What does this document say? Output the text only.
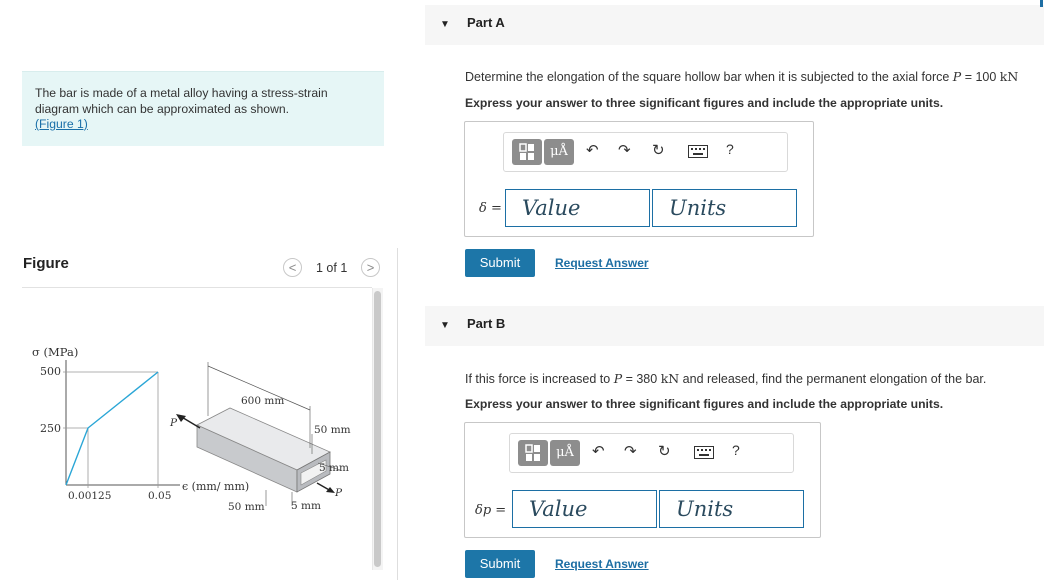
The bar is made of a metal alloy having a stress-strain diagram which can be approximated as shown.
(Figure 1)

Figure	<	1 of 1	>
σ (MPa)
500
250
0.00125	0.05
ϵ (mm/ mm)
P
P
600 mm
50 mm
5 mm
50 mm	5 mm
▼ Part A
Determine the elongation of the square hollow bar when it is subjected to the axial force P = 100 kN
Express your answer to three significant figures and include the appropriate units.
μÅ	↶ ↷ ↻	?
δ =
Value
Units
Submit	Request Answer
▼ Part B
If this force is increased to P = 380 kN and released, find the permanent elongation of the bar.
Express your answer to three significant figures and include the appropriate units.
μÅ	↶ ↷ ↻	?
δp =
Value
Units
Submit	Request Answer
